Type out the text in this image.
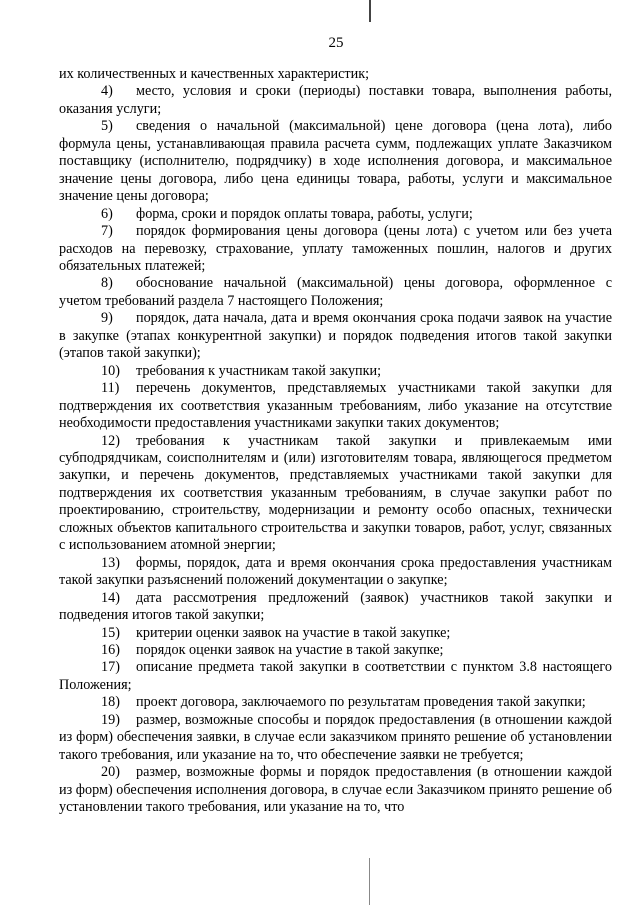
25

их количественных и качественных характеристик;

4) место, условия и сроки (периоды) поставки товара, выполнения работы, оказания услуги;

5) сведения о начальной (максимальной) цене договора (цена лота), либо формула цены, устанавливающая правила расчета сумм, подлежащих уплате Заказчиком поставщику (исполнителю, подрядчику) в ходе исполнения договора, и максимальное значение цены договора, либо цена единицы товара, работы, услуги и максимальное значение цены договора;

6) форма, сроки и порядок оплаты товара, работы, услуги;

7) порядок формирования цены договора (цены лота) с учетом или без учета расходов на перевозку, страхование, уплату таможенных пошлин, налогов и других обязательных платежей;

8) обоснование начальной (максимальной) цены договора, оформленное с учетом требований раздела 7 настоящего Положения;

9) порядок, дата начала, дата и время окончания срока подачи заявок на участие в закупке (этапах конкурентной закупки) и порядок подведения итогов такой закупки (этапов такой закупки);

10) требования к участникам такой закупки;

11) перечень документов, представляемых участниками такой закупки для подтверждения их соответствия указанным требованиям, либо указание на отсутствие необходимости предоставления участниками закупки таких документов;

12) требования к участникам такой закупки и привлекаемым ими субподрядчикам, соисполнителям и (или) изготовителям товара, являющегося предметом закупки, и перечень документов, представляемых участниками такой закупки для подтверждения их соответствия указанным требованиям, в случае закупки работ по проектированию, строительству, модернизации и ремонту особо опасных, технически сложных объектов капитального строительства и закупки товаров, работ, услуг, связанных с использованием атомной энергии;

13) формы, порядок, дата и время окончания срока предоставления участникам такой закупки разъяснений положений документации о закупке;

14) дата рассмотрения предложений (заявок) участников такой закупки и подведения итогов такой закупки;

15) критерии оценки заявок на участие в такой закупке;

16) порядок оценки заявок на участие в такой закупке;

17) описание предмета такой закупки в соответствии с пунктом 3.8 настоящего Положения;

18) проект договора, заключаемого по результатам проведения такой закупки;

19) размер, возможные способы и порядок предоставления (в отношении каждой из форм) обеспечения заявки, в случае если заказчиком принято решение об установлении такого требования, или указание на то, что обеспечение заявки не требуется;

20) размер, возможные формы и порядок предоставления (в отношении каждой из форм) обеспечения исполнения договора, в случае если Заказчиком принято решение об установлении такого требования, или указание на то, что
